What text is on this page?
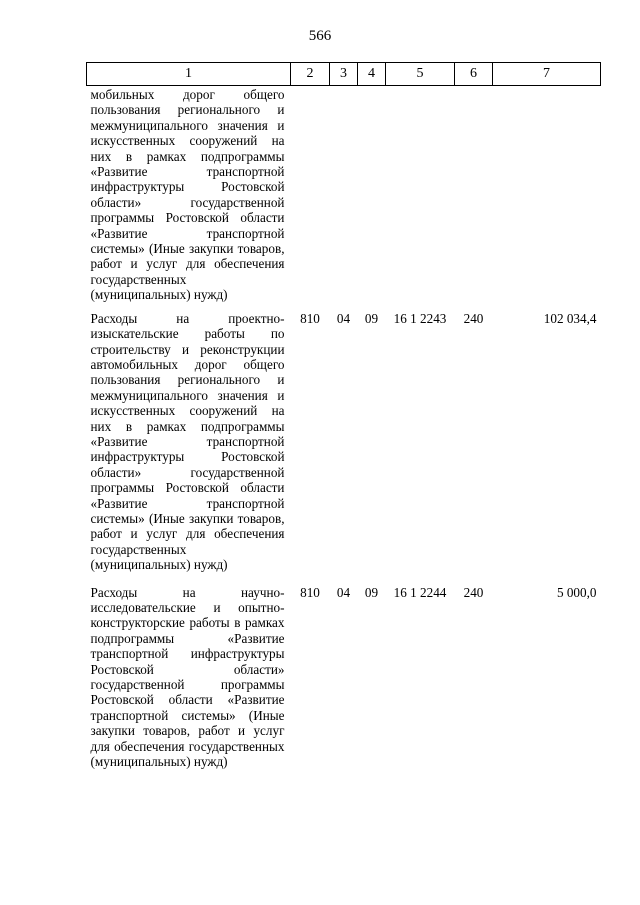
566
1	2	3	4	5	6	7
мобильных дорог общего пользования регионального и межмуниципального значения и искусственных сооружений на них в рамках подпрограммы «Развитие транспортной инфраструктуры Ростовской области» государственной программы Ростовской области «Развитие транспортной системы» (Иные закупки товаров, работ и услуг для обеспечения государственных (муниципальных) нужд)						
Расходы на проектно-изыскательские работы по строительству и реконструкции автомобильных дорог общего пользования регионального и межмуниципального значения и искусственных сооружений на них в рамках подпрограммы «Развитие транспортной инфраструктуры Ростовской области» государственной программы Ростовской области «Развитие транспортной системы» (Иные закупки товаров, работ и услуг для обеспечения государственных (муниципальных) нужд)	810	04	09	16 1 2243	240	102 034,4
Расходы на научно-исследовательские и опытно-конструкторские работы в рамках подпрограммы «Развитие транспортной инфраструктуры Ростовской области» государственной программы Ростовской области «Развитие транспортной системы» (Иные закупки товаров, работ и услуг для обеспечения государственных (муниципальных) нужд)	810	04	09	16 1 2244	240	5 000,0
